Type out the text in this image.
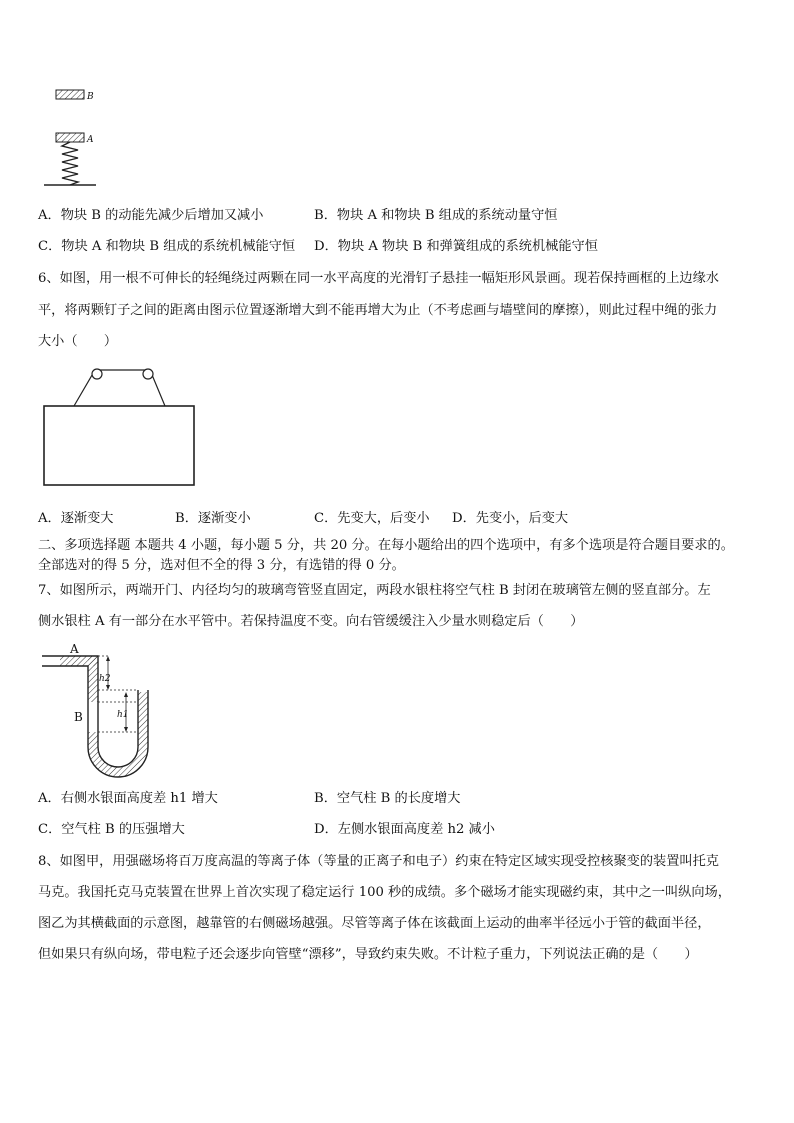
B
A
A．物块 B 的动能先减少后增加又减小	B．物块 A 和物块 B 组成的系统动量守恒
C．物块 A 和物块 B 组成的系统机械能守恒 D．物块 A 物块 B 和弹簧组成的系统机械能守恒
6、如图，用一根不可伸长的轻绳绕过两颗在同一水平高度的光滑钉子悬挂一幅矩形风景画。现若保持画框的上边缘水
平，将两颗钉子之间的距离由图示位置逐渐增大到不能再增大为止（不考虑画与墙壁间的摩擦），则此过程中绳的张力
大小（　　）
A．逐渐变大	B．逐渐变小	C．先变大，后变小 D．先变小，后变大
二、多项选择题 本题共 4 小题，每小题 5 分，共 20 分。在每小题给出的四个选项中，有多个选项是符合题目要求的。
全部选对的得 5 分，选对但不全的得 3 分，有选错的得 0 分。
7、如图所示，两端开门、内径均匀的玻璃弯管竖直固定，两段水银柱将空气柱 B 封闭在玻璃管左侧的竖直部分。左
侧水银柱 A 有一部分在水平管中。若保持温度不变。向右管缓缓注入少量水则稳定后（　　）
A
B
h2
h1
A．右侧水银面高度差 h1 增大	B．空气柱 B 的长度增大
C．空气柱 B 的压强增大	D．左侧水银面高度差 h2 减小
8、如图甲，用强磁场将百万度高温的等离子体（等量的正离子和电子）约束在特定区域实现受控核聚变的装置叫托克
马克。我国托克马克装置在世界上首次实现了稳定运行 100 秒的成绩。多个磁场才能实现磁约束，其中之一叫纵向场，
图乙为其横截面的示意图，越靠管的右侧磁场越强。尽管等离子体在该截面上运动的曲率半径远小于管的截面半径，
但如果只有纵向场，带电粒子还会逐步向管壁“漂移”，导致约束失败。不计粒子重力，下列说法正确的是（　　）
